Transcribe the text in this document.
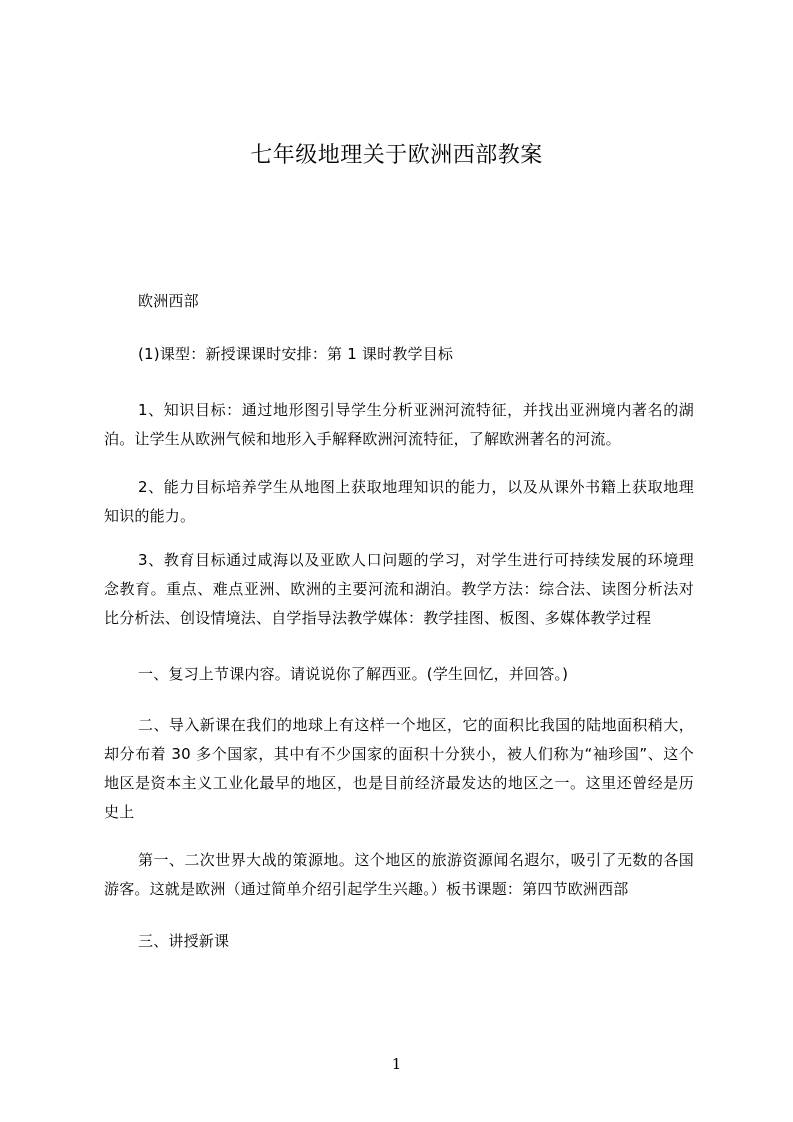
七年级地理关于欧洲西部教案
欧洲西部
(1)课型：新授课课时安排：第 1 课时教学目标
1、知识目标：通过地形图引导学生分析亚洲河流特征，并找出亚洲境内著名的湖泊。让学生从欧洲气候和地形入手解释欧洲河流特征，了解欧洲著名的河流。
2、能力目标培养学生从地图上获取地理知识的能力，以及从课外书籍上获取地理知识的能力。
3、教育目标通过咸海以及亚欧人口问题的学习，对学生进行可持续发展的环境理念教育。重点、难点亚洲、欧洲的主要河流和湖泊。教学方法：综合法、读图分析法对比分析法、创设情境法、自学指导法教学媒体：教学挂图、板图、多媒体教学过程
一、复习上节课内容。请说说你了解西亚。(学生回忆，并回答。)
二、导入新课在我们的地球上有这样一个地区，它的面积比我国的陆地面积稍大，却分布着 30 多个国家，其中有不少国家的面积十分狭小，被人们称为“袖珍国”、这个地区是资本主义工业化最早的地区，也是目前经济最发达的地区之一。这里还曾经是历史上
第一、二次世界大战的策源地。这个地区的旅游资源闻名遐尔，吸引了无数的各国游客。这就是欧洲（通过简单介绍引起学生兴趣。）板书课题：第四节欧洲西部
三、讲授新课
1
